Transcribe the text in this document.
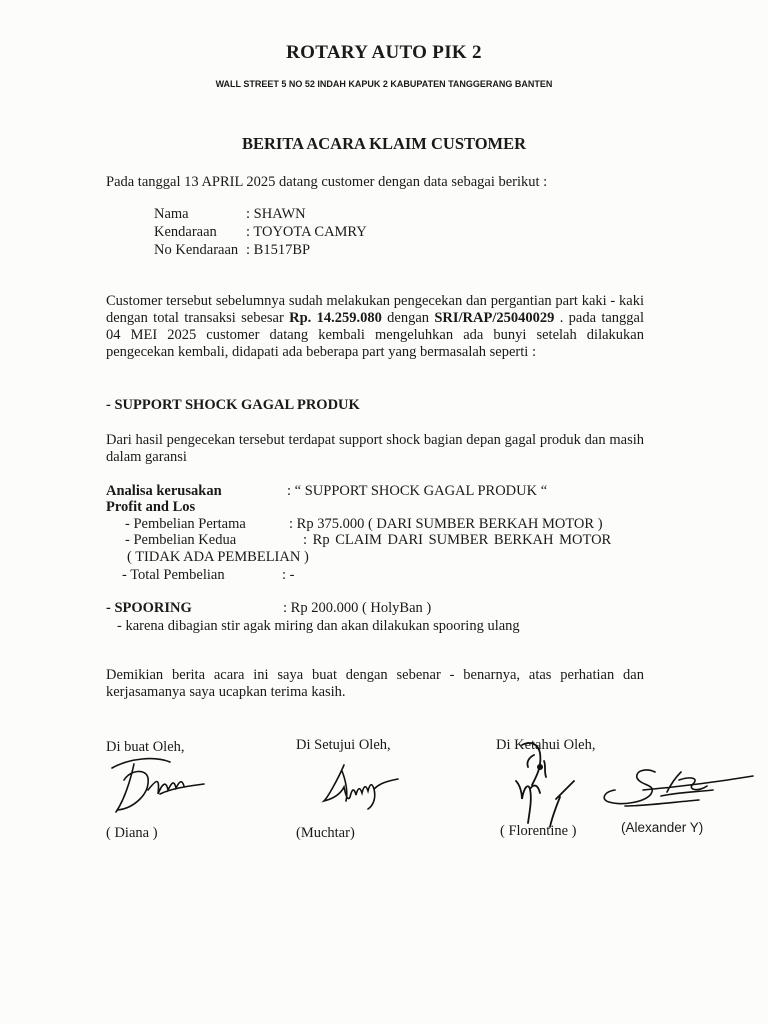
ROTARY AUTO PIK 2
WALL STREET 5 NO 52 INDAH KAPUK 2 KABUPATEN TANGGERANG BANTEN
BERITA ACARA KLAIM CUSTOMER
Pada tanggal 13 APRIL 2025 datang customer dengan data sebagai berikut :
Nama	: SHAWN
Kendaraan : TOYOTA CAMRY
No Kendaraan : B1517BP
Customer tersebut sebelumnya sudah melakukan pengecekan dan pergantian part kaki - kaki dengan total transaksi sebesar Rp. 14.259.080 dengan SRI/RAP/25040029 . pada tanggal 04 MEI 2025 customer datang kembali mengeluhkan ada bunyi setelah dilakukan pengecekan kembali, didapati ada beberapa part yang bermasalah seperti :
- SUPPORT SHOCK GAGAL PRODUK
Dari hasil pengecekan tersebut terdapat support shock bagian depan gagal produk dan masih dalam garansi
Analisa kerusakan	: “ SUPPORT SHOCK GAGAL PRODUK “
Profit and Los
- Pembelian Pertama	: Rp 375.000 ( DARI SUMBER BERKAH MOTOR )
- Pembelian Kedua	: Rp CLAIM DARI SUMBER BERKAH MOTOR
( TIDAK ADA PEMBELIAN )
- Total Pembelian	: -
- SPOORING	: Rp 200.000 ( HolyBan )
- karena dibagian stir agak miring dan akan dilakukan spooring ulang
Demikian berita acara ini saya buat dengan sebenar - benarnya, atas perhatian dan kerjasamanya saya ucapkan terima kasih.
Di buat Oleh,	Di Setujui Oleh,	Di Ketahui Oleh,
( Diana )	(Muchtar)	( Florentine )	(Alexander Y)
